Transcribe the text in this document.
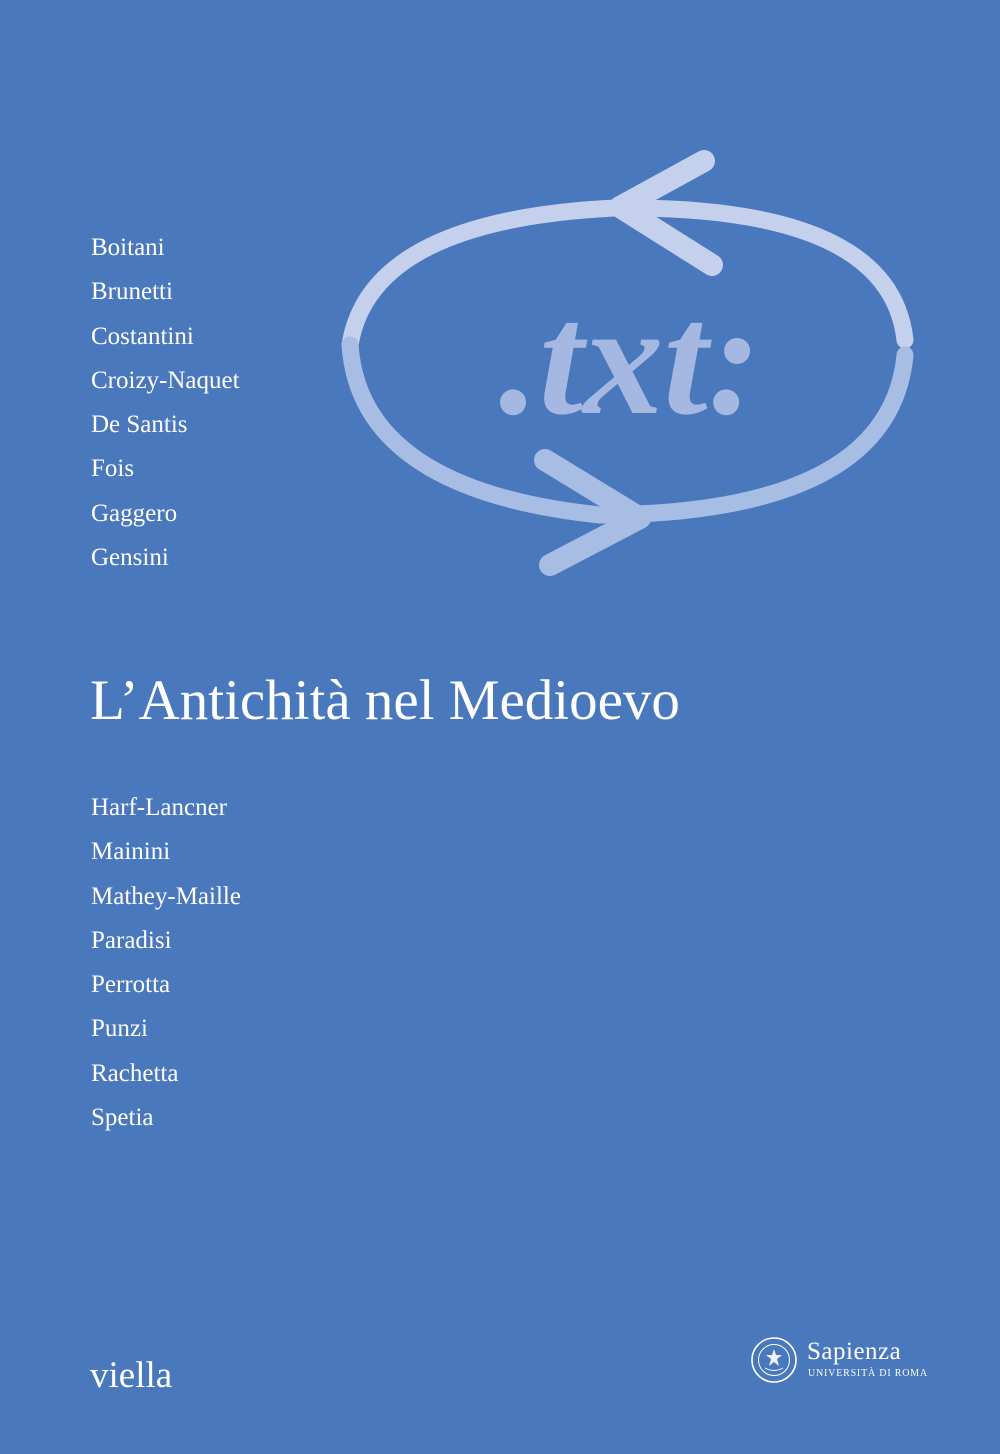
.txt:
Boitani
Brunetti
Costantini
Croizy-Naquet
De Santis
Fois
Gaggero
Gensini
L’Antichità nel Medioevo
Harf-Lancner
Mainini
Mathey-Maille
Paradisi
Perrotta
Punzi
Rachetta
Spetia
viella
Sapienza
UNIVERSITÀ DI ROMA
